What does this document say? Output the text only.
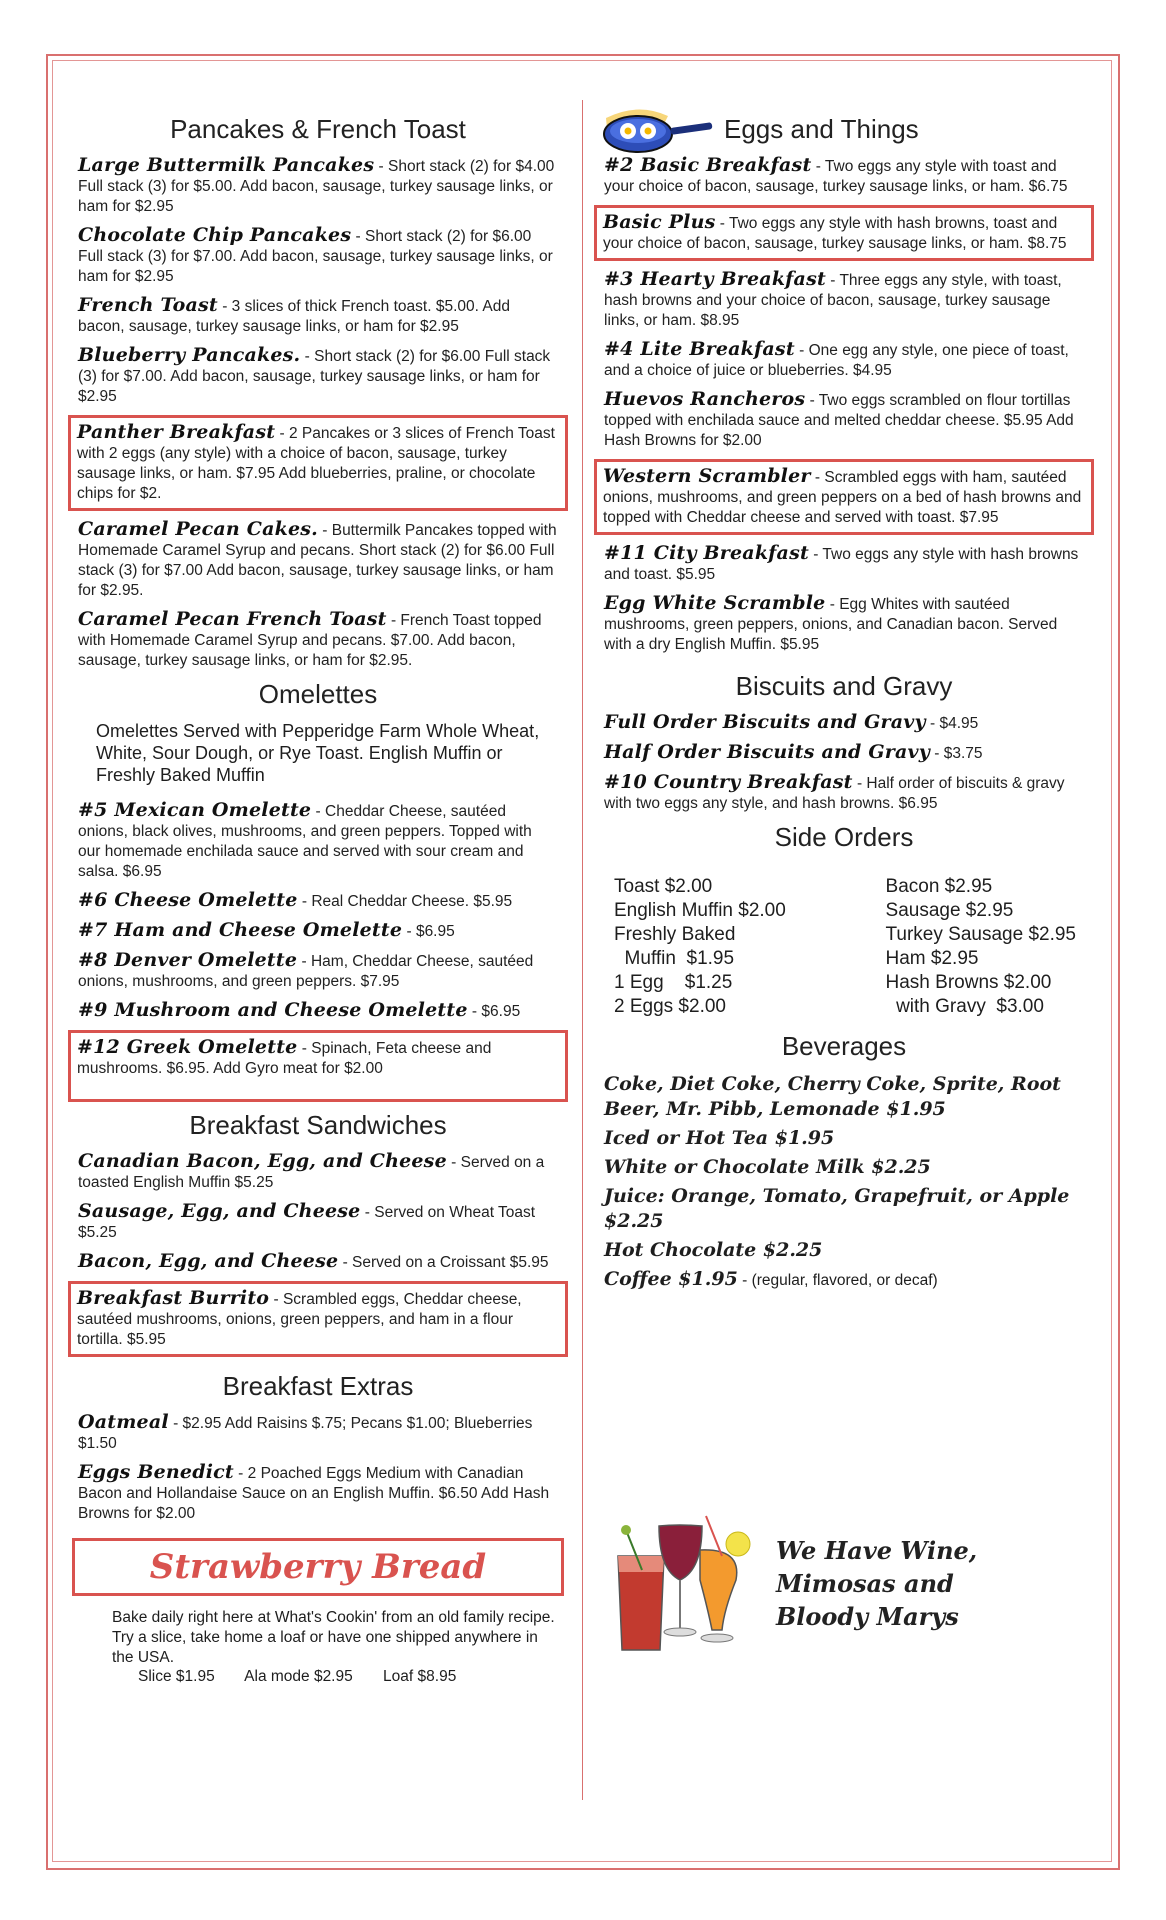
Pancakes & French Toast
Large Buttermilk Pancakes - Short stack (2) for $4.00 Full stack (3) for $5.00. Add bacon, sausage, turkey sausage links, or ham for $2.95
Chocolate Chip Pancakes - Short stack (2) for $6.00 Full stack (3) for $7.00. Add bacon, sausage, turkey sausage links, or ham for $2.95
French Toast - 3 slices of thick French toast. $5.00. Add bacon, sausage, turkey sausage links, or ham for $2.95
Blueberry Pancakes. - Short stack (2) for $6.00 Full stack (3) for $7.00. Add bacon, sausage, turkey sausage links, or ham for $2.95
Panther Breakfast - 2 Pancakes or 3 slices of French Toast with 2 eggs (any style) with a choice of bacon, sausage, turkey sausage links, or ham. $7.95 Add blueberries, praline, or chocolate chips for $2.
Caramel Pecan Cakes. - Buttermilk Pancakes topped with Homemade Caramel Syrup and pecans. Short stack (2) for $6.00 Full stack (3) for $7.00 Add bacon, sausage, turkey sausage links, or ham for $2.95.
Caramel Pecan French Toast - French Toast topped with Homemade Caramel Syrup and pecans. $7.00. Add bacon, sausage, turkey sausage links, or ham for $2.95.
Omelettes
Omelettes Served with Pepperidge Farm Whole Wheat, White, Sour Dough, or Rye Toast. English Muffin or Freshly Baked Muffin
#5 Mexican Omelette - Cheddar Cheese, sautéed onions, black olives, mushrooms, and green peppers. Topped with our homemade enchilada sauce and served with sour cream and salsa. $6.95
#6 Cheese Omelette - Real Cheddar Cheese. $5.95
#7 Ham and Cheese Omelette - $6.95
#8 Denver Omelette - Ham, Cheddar Cheese, sautéed onions, mushrooms, and green peppers. $7.95
#9 Mushroom and Cheese Omelette - $6.95
#12 Greek Omelette - Spinach, Feta cheese and mushrooms. $6.95. Add Gyro meat for $2.00
Breakfast Sandwiches
Canadian Bacon, Egg, and Cheese - Served on a toasted English Muffin $5.25
Sausage, Egg, and Cheese - Served on Wheat Toast $5.25
Bacon, Egg, and Cheese - Served on a Croissant $5.95
Breakfast Burrito - Scrambled eggs, Cheddar cheese, sautéed mushrooms, onions, green peppers, and ham in a flour tortilla. $5.95
Breakfast Extras
Oatmeal - $2.95 Add Raisins $.75; Pecans $1.00; Blueberries $1.50
Eggs Benedict - 2 Poached Eggs Medium with Canadian Bacon and Hollandaise Sauce on an English Muffin. $6.50 Add Hash Browns for $2.00
Strawberry Bread
Bake daily right here at What's Cookin' from an old family recipe. Try a slice, take home a loaf or have one shipped anywhere in the USA.
Slice $1.95 Ala mode $2.95 Loaf $8.95
Eggs and Things
#2 Basic Breakfast - Two eggs any style with toast and your choice of bacon, sausage, turkey sausage links, or ham. $6.75
Basic Plus - Two eggs any style with hash browns, toast and your choice of bacon, sausage, turkey sausage links, or ham. $8.75
#3 Hearty Breakfast - Three eggs any style, with toast, hash browns and your choice of bacon, sausage, turkey sausage links, or ham. $8.95
#4 Lite Breakfast - One egg any style, one piece of toast, and a choice of juice or blueberries. $4.95
Huevos Rancheros - Two eggs scrambled on flour tortillas topped with enchilada sauce and melted cheddar cheese. $5.95 Add Hash Browns for $2.00
Western Scrambler - Scrambled eggs with ham, sautéed onions, mushrooms, and green peppers on a bed of hash browns and topped with Cheddar cheese and served with toast. $7.95
#11 City Breakfast - Two eggs any style with hash browns and toast. $5.95
Egg White Scramble - Egg Whites with sautéed mushrooms, green peppers, onions, and Canadian bacon. Served with a dry English Muffin. $5.95
Biscuits and Gravy
Full Order Biscuits and Gravy - $4.95
Half Order Biscuits and Gravy - $3.75
#10 Country Breakfast - Half order of biscuits & gravy with two eggs any style, and hash browns. $6.95
Side Orders
Toast $2.00
English Muffin $2.00
Freshly Baked
Muffin  $1.95
1 Egg    $1.25
2 Eggs $2.00
Bacon $2.95
Sausage $2.95
Turkey Sausage $2.95
Ham $2.95
Hash Browns $2.00
with Gravy  $3.00
Beverages
Coke, Diet Coke, Cherry Coke, Sprite, Root Beer, Mr. Pibb, Lemonade $1.95
Iced or Hot Tea $1.95
White or Chocolate Milk $2.25
Juice: Orange, Tomato, Grapefruit, or Apple $2.25
Hot Chocolate $2.25
Coffee $1.95 - (regular, flavored, or decaf)
We Have Wine,
Mimosas and
Bloody Marys
